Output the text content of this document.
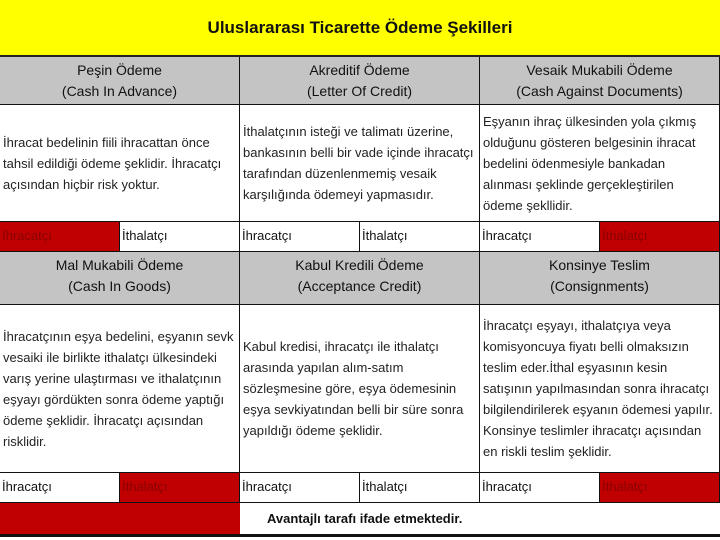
Uluslararası Ticarette Ödeme Şekilleri
Peşin Ödeme
(Cash In Advance)
İhracat bedelinin fiili ihracattan önce tahsil edildiği ödeme şeklidir. İhracatçı açısından hiçbir risk yoktur.
İhracatçı	İthalatçı
Akreditif Ödeme
(Letter Of Credit)
İthalatçının isteği ve talimatı üzerine, bankasının belli bir vade içinde ihracatçı tarafından düzenlenmemiş vesaik karşılığında ödemeyi yapmasıdır.
İhracatçı	İthalatçı
Vesaik Mukabili Ödeme
(Cash Against Documents)
Eşyanın ihraç ülkesinden yola çıkmış olduğunu gösteren belgesinin ihracat bedelini ödenmesiyle bankadan alınması şeklinde gerçekleştirilen ödeme şekllidir.
İhracatçı	İthalatçı
Mal Mukabili Ödeme
(Cash In Goods)
İhracatçının eşya bedelini, eşyanın sevk vesaiki ile birlikte ithalatçı ülkesindeki varış yerine ulaştırması ve ithalatçının eşyayı gördükten sonra ödeme yaptığı ödeme şeklidir. İhracatçı açısından risklidir.
İhracatçı	İthalatçı
Kabul Kredili Ödeme
(Acceptance Credit)
Kabul kredisi, ihracatçı ile ithalatçı arasında yapılan alım-satım sözleşmesine göre, eşya ödemesinin eşya sevkiyatından belli bir süre sonra yapıldığı ödeme şeklidir.
İhracatçı	İthalatçı
Konsinye Teslim
(Consignments)
İhracatçı eşyayı, ithalatçıya veya komisyoncuya fiyatı belli olmaksızın teslim eder.İthal eşyasının kesin satışının yapılmasından sonra ihracatçı bilgilendirilerek eşyanın ödemesi yapılır. Konsinye teslimler ihracatçı açısından en riskli teslim şeklidir.
İhracatçı	İthalatçı
Avantajlı tarafı ifade etmektedir.
